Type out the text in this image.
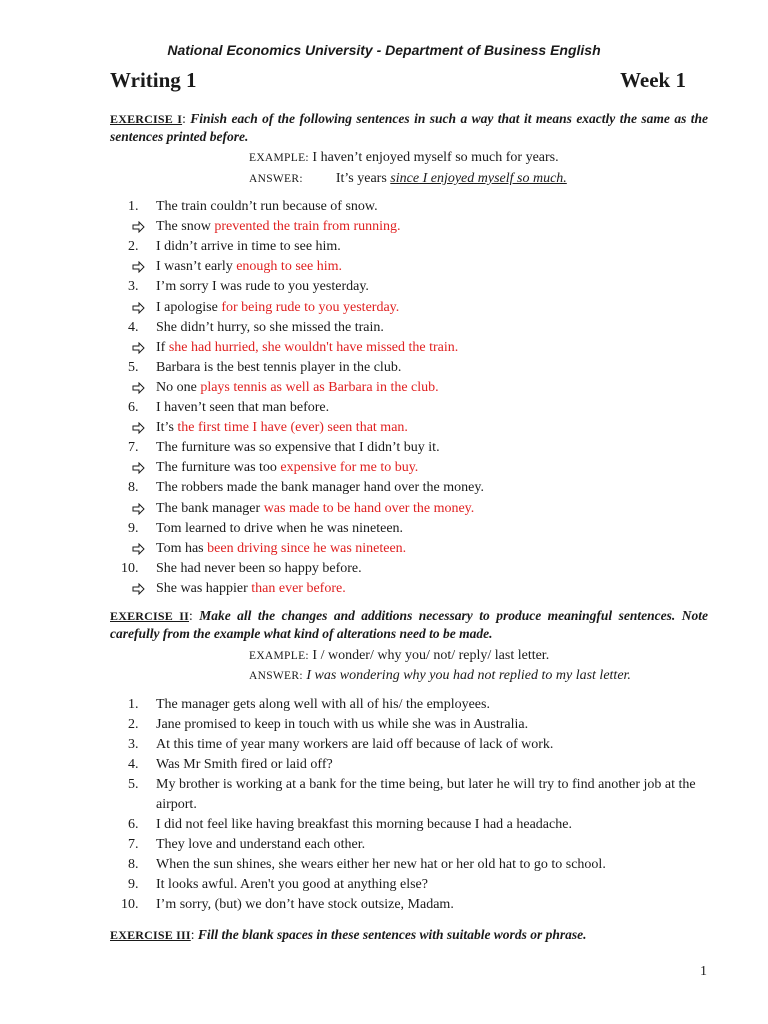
National Economics University - Department of Business English
Writing 1	Week 1
EXERCISE I: Finish each of the following sentences in such a way that it means exactly the same as the sentences printed before.
EXAMPLE: I haven’t enjoyed myself so much for years.
ANSWER: It’s years since I enjoyed myself so much.
1.	The train couldn’t run because of snow.
The snow prevented the train from running.
2.	I didn’t arrive in time to see him.
I wasn’t early enough to see him.
3.	I’m sorry I was rude to you yesterday.
I apologise for being rude to you yesterday.
4.	She didn’t hurry, so she missed the train.
If she had hurried, she wouldn't have missed the train.
5.	Barbara is the best tennis player in the club.
No one plays tennis as well as Barbara in the club.
6.	I haven’t seen that man before.
It’s the first time I have (ever) seen that man.
7.	The furniture was so expensive that I didn’t buy it.
The furniture was too expensive for me to buy.
8.	The robbers made the bank manager hand over the money.
The bank manager was made to be hand over the money.
9.	Tom learned to drive when he was nineteen.
Tom has been driving since he was nineteen.
10.	She had never been so happy before.
She was happier than ever before.
EXERCISE II: Make all the changes and additions necessary to produce meaningful sentences. Note carefully from the example what kind of alterations need to be made.
EXAMPLE: I / wonder/ why you/ not/ reply/ last letter.
ANSWER: I was wondering why you had not replied to my last letter.
1.	The manager gets along well with all of his/ the employees.
2.	Jane promised to keep in touch with us while she was in Australia.
3.	At this time of year many workers are laid off because of lack of work.
4.	Was Mr Smith fired or laid off?
5.	My brother is working at a bank for the time being, but later he will try to find another job at the airport.
6.	I did not feel like having breakfast this morning because I had a headache.
7.	They love and understand each other.
8.	When the sun shines, she wears either her new hat or her old hat to go to school.
9.	It looks awful. Aren't you good at anything else?
10.	I’m sorry, (but) we don’t have stock outsize, Madam.
EXERCISE III: Fill the blank spaces in these sentences with suitable words or phrase.
1
